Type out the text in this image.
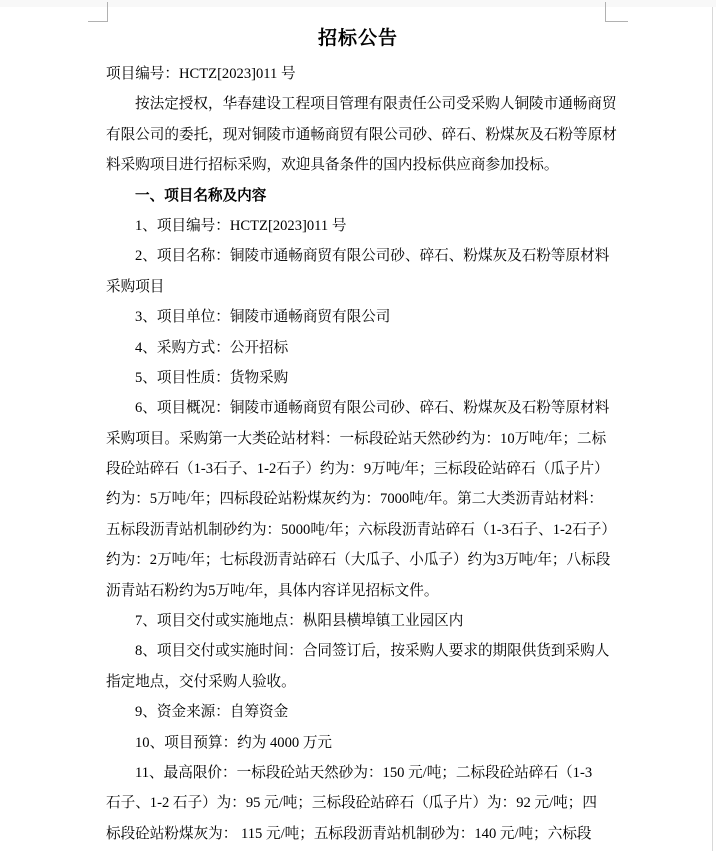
招标公告
项目编号：HCTZ[2023]011 号
按法定授权，华春建设工程项目管理有限责任公司受采购人铜陵市通畅商贸
有限公司的委托，现对铜陵市通畅商贸有限公司砂、碎石、粉煤灰及石粉等原材
料采购项目进行招标采购，欢迎具备条件的国内投标供应商参加投标。
一、项目名称及内容
1、项目编号：HCTZ[2023]011 号
2、项目名称：铜陵市通畅商贸有限公司砂、碎石、粉煤灰及石粉等原材料
采购项目
3、项目单位：铜陵市通畅商贸有限公司
4、采购方式：公开招标
5、项目性质：货物采购
6、项目概况：铜陵市通畅商贸有限公司砂、碎石、粉煤灰及石粉等原材料
采购项目。采购第一大类砼站材料：一标段砼站天然砂约为：10万吨/年；二标
段砼站碎石（1-3石子、1-2石子）约为：9万吨/年；三标段砼站碎石（瓜子片）
约为：5万吨/年；四标段砼站粉煤灰约为：7000吨/年。第二大类沥青站材料：
五标段沥青站机制砂约为：5000吨/年；六标段沥青站碎石（1-3石子、1-2石子）
约为：2万吨/年；七标段沥青站碎石（大瓜子、小瓜子）约为3万吨/年；八标段
沥青站石粉约为5万吨/年，具体内容详见招标文件。
7、项目交付或实施地点：枞阳县横埠镇工业园区内
8、项目交付或实施时间：合同签订后，按采购人要求的期限供货到采购人
指定地点，交付采购人验收。
9、资金来源：自筹资金
10、项目预算：约为 4000 万元
11、最高限价：一标段砼站天然砂为：150 元/吨；二标段砼站碎石（1-3
石子、1-2 石子）为：95 元/吨；三标段砼站碎石（瓜子片）为：92 元/吨；四
标段砼站粉煤灰为： 115 元/吨；五标段沥青站机制砂为：140 元/吨；六标段
